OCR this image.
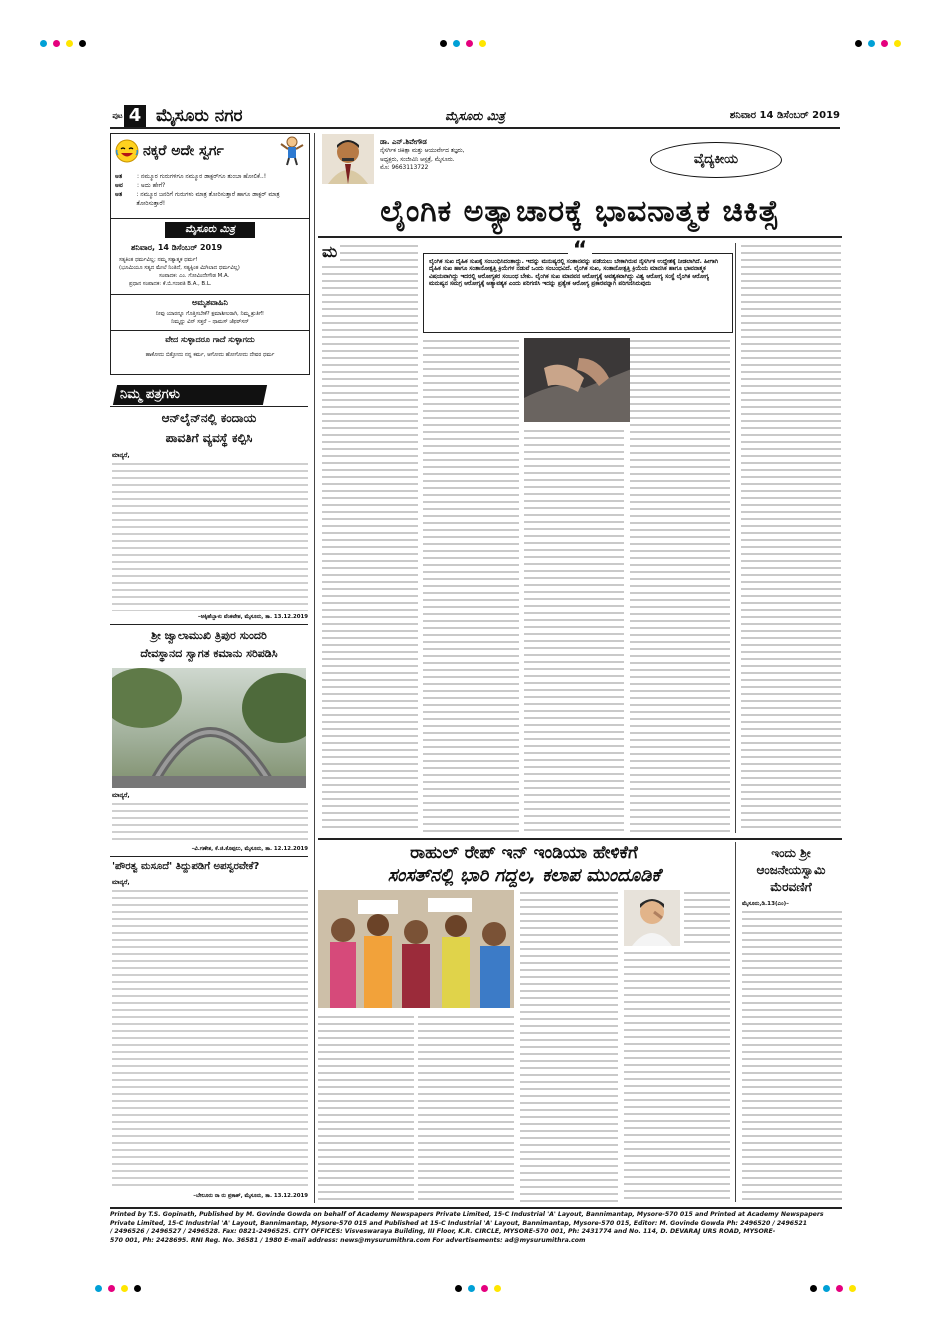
ಪುಟ 4 ಮೈಸೂರು ನಗರ	ಮೈಸೂರು ಮಿತ್ರ	ಶನಿವಾರ 14 ಡಿಸೆಂಬರ್ 2019
ನಕ್ಕರೆ ಅದೇ ಸ್ವರ್ಗ
ಅತ	: ನಮ್ಮೂರ ಗುರುಗಳಿಗೂ ನಮ್ಮೂರ ಡಾಕ್ಟರ್‌ಗೂ ತುಂಬಾ ಹೋಲಿಕೆ..!
ಅವ	: ಅದು ಹೇಗೆ?
ಅತ	: ನಮ್ಮೂರ ಜನರಿಗೆ ಗುರುಗಳು ಮಾತ್ರ ತೋರಿಸುತ್ತಾರೆ ಹಾಗೂ ಡಾಕ್ಟರ್ ಮಾತ್ರ ತೋರಿಸುತ್ತಾರೆ!
ಮೈಸೂರು ಮಿತ್ರ
ಶನಿವಾರ, 14 ಡಿಸೆಂಬರ್ 2019
ಸತ್ಯಕಿಂತ ಧರ್ಮವಿಲ್ಲ; ನಮ್ಮ ಸತ್ಯಾತ್ಮಕ ಧರ್ಮ!
(ಭೂಮಿಯೂ ಸತ್ಯದ ಮೇಲೆ ನಿಂತಿದೆ, ಸತ್ಯಕ್ಕಿಂತ ಮಿಗಿಲಾದ ಧರ್ಮವಿಲ್ಲ)
ಸಂಪಾದಕ: ಎಂ. ಗೋವಿಂದೇಗೌಡ M.A.
ಪ್ರಧಾನ ಸಂಪಾದಕ: ಕೆ.ಬಿ.ಗಣಪತಿ B.A., B.L.
ಅಮೃತವಾಹಿನಿ
ನೀವು ಯಾರನ್ನೂ ಗೊತ್ತಿಸಬೇಕೆ? ಕ್ಷಮಾಶೀಲರಾಗಿ, ನಿಮ್ಮ ಶ್ರುತಿಗೆ!
ನಿಮ್ಮನ್ನು ವಿನ್ ಸತ್ತರೆ – ಥಾಮಸ್ ಜೆಫರ್‌ಸನ್
ವೇದ ಸುಳ್ಳಾದರೂ ಗಾದೆ ಸುಳ್ಳಾಗದು
ಹಾಕೋದು ಬಿತ್ತೋದು ನನ್ನ ಕರ್ಮ, ಆಗೋದು ಹೋಗೋದು ದೇವರ ಧರ್ಮ
ನಿಮ್ಮ ಪತ್ರಗಳು
ಆನ್‌ಲೈನ್‌ನಲ್ಲಿ ಕಂದಾಯ
ಪಾವತಿಗೆ ವ್ಯವಸ್ಥೆ ಕಲ್ಪಿಸಿ
ಮಾನ್ಯರೆ,
–ಅಕ್ಕಿಹೆಬ್ಬಾಳು ವೆಂಕಟೇಶ, ಮೈಸೂರು, ತಾ. 13.12.2019
ಶ್ರೀ ಜ್ವಾಲಾಮುಖಿ ತ್ರಿಪುರ ಸುಂದರಿ
ದೇವಸ್ಥಾನದ ಸ್ವಾಗತ ಕಮಾನು ಸರಿಪಡಿಸಿ
ಮಾನ್ಯರೆ,
–ವಿ.ಗಣೇಶ, ಕೆ.ಜಿ.ಕೊಪ್ಪಲು, ಮೈಸೂರು, ತಾ. 12.12.2019
'ಪೌರತ್ವ ಮಸೂದೆ' ತಿದ್ದುಪಡಿಗೆ ಅಪಸ್ವರವೇಕೆ?
ಮಾನ್ಯರೆ,
–ಬೇಲೂರು ರಾ ರು ಪ್ರಕಾಶ್, ಮೈಸೂರು, ತಾ. 13.12.2019
ಡಾ. ಎನ್.ಶಿವೇಗೌಡ
ನೈಸರ್ಗಿಕ ಚಿಕಿತ್ಸಾ ಮತ್ತು ಆಯುರ್ವೇದ ತಜ್ಞರು,
ಅಧ್ಯಕ್ಷರು, ಸಂಜೀವಿನಿ ಆಸ್ಪತ್ರೆ, ಮೈಸೂರು.
ಮೊ: 9663113722
ವೈದ್ಯಕೀಯ
ಲೈಂಗಿಕ ಅತ್ಯಾಚಾರಕ್ಕೆ ಭಾವನಾತ್ಮಕ ಚಿಕಿತ್ಸೆ
ಮ	“
ಲೈಂಗಿಕ ಸುಖ ದೈಹಿಕ ಸುಖಕ್ಕೆ ಸಂಬಂಧಿಸಿದಂತಾದ್ದು. ಇದನ್ನು ಮನುಷ್ಯರಲ್ಲಿ ಸಂತಾನವನ್ನು ಪಡೆಯಲು ಬೇಕಾಗಿರುವ ನೈಸರ್ಗಿಕ ಉದ್ದೇಶಕ್ಕೆ ನೀಡಲಾಗಿದೆ. ಹೀಗಾಗಿ ದೈಹಿಕ ಸುಖ ಹಾಗೂ ಸಂತಾನೋತ್ಪತ್ತಿ ಕ್ರಿಯೆಗಳ ನಡುವೆ ಒಂದು ಸಂಬಂಧವಿದೆ. ಲೈಂಗಿಕ ಸುಖ, ಸಂತಾನೋತ್ಪತ್ತಿ ಕ್ರಿಯೆಯ ಮಾನಸಿಕ ಹಾಗೂ ಭಾವನಾತ್ಮಕ ವಿಷಯವಾಗಿದ್ದು ಇದರಲ್ಲಿ ಆರೋಗ್ಯಕರ ಸಂಬಂಧ ಬೇಕು. ಲೈಂಗಿಕ ಸುಖ ಮಾನವನ ಆರೋಗ್ಯಕ್ಕೆ ಅವಶ್ಯಕವಾಗಿದ್ದು ವಿಶ್ವ ಆರೋಗ್ಯ ಸಂಸ್ಥೆ ಲೈಂಗಿಕ ಆರೋಗ್ಯ ಮನುಷ್ಯನ ಸಮಗ್ರ ಆರೋಗ್ಯಕ್ಕೆ ಅತ್ಯಾವಶ್ಯಕ ಎಂದು ಪರಿಗಣಿಸಿ ಇದನ್ನು ಪ್ರತ್ಯೇಕ ಆರೋಗ್ಯ ಪ್ರಕಾರವನ್ನಾಗಿ ಪರಿಗಣಿಸಿರುವುದು
ರಾಹುಲ್ ರೇಪ್ ಇನ್ ಇಂಡಿಯಾ ಹೇಳಿಕೆಗೆ
ಸಂಸತ್‌ನಲ್ಲಿ ಭಾರಿ ಗದ್ದಲ, ಕಲಾಪ ಮುಂದೂಡಿಕೆ
ಇಂದು ಶ್ರೀ
ಆಂಜನೇಯಸ್ವಾಮಿ
ಮೆರವಣಿಗೆ
ಮೈಸೂರು,ಡಿ.13(ಎಂ)–
Printed by T.S. Gopinath, Published by M. Govinde Gowda on behalf of Academy Newspapers Private Limited, 15-C Industrial 'A' Layout, Bannimantap, Mysore-570 015 and Printed at Academy Newspapers
Private Limited, 15-C Industrial 'A' Layout, Bannimantap, Mysore-570 015 and Published at 15-C Industrial 'A' Layout, Bannimantap, Mysore-570 015, Editor: M. Govinde Gowda Ph: 2496520 / 2496521
/ 2496526 / 2496527 / 2496528. Fax: 0821-2496525. CITY OFFICES: Visveswaraya Building, III Floor, K.R. CIRCLE, MYSORE-570 001, Ph: 2431774 and No. 114, D. DEVARAJ URS ROAD, MYSORE-
570 001, Ph: 2428695. RNI Reg. No. 36581 / 1980 E-mail address: news@mysurumithra.com For advertisements: ad@mysurumithra.com
